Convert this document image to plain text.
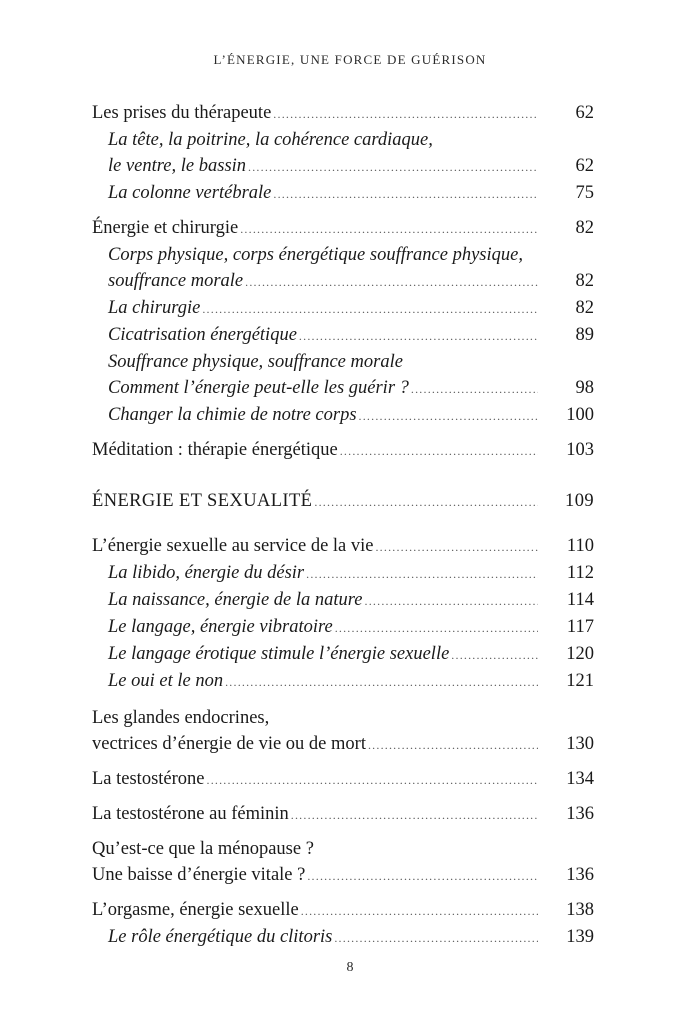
L’ÉNERGIE, UNE FORCE DE GUÉRISON
Les prises du thérapeute .....	62
La tête, la poitrine, la cohérence cardiaque,
le ventre, le bassin .....	62
La colonne vertébrale .....	75
Énergie et chirurgie .....	82
Corps physique, corps énergétique souffrance physique,
souffrance morale .....	82
La chirurgie .....	82
Cicatrisation énergétique .....	89
Souffrance physique, souffrance morale
Comment l’énergie peut-elle les guérir ? .....	98
Changer la chimie de notre corps .....	100
Méditation : thérapie énergétique .....	103
ÉNERGIE ET SEXUALITÉ .....	109
L’énergie sexuelle au service de la vie .....	110
La libido, énergie du désir .....	112
La naissance, énergie de la nature .....	114
Le langage, énergie vibratoire .....	117
Le langage érotique stimule l’énergie sexuelle .....	120
Le oui et le non .....	121
Les glandes endocrines,
vectrices d’énergie de vie ou de mort .....	130
La testostérone .....	134
La testostérone au féminin .....	136
Qu’est-ce que la ménopause ?
Une baisse d’énergie vitale ? .....	136
L’orgasme, énergie sexuelle .....	138
Le rôle énergétique du clitoris .....	139
8
